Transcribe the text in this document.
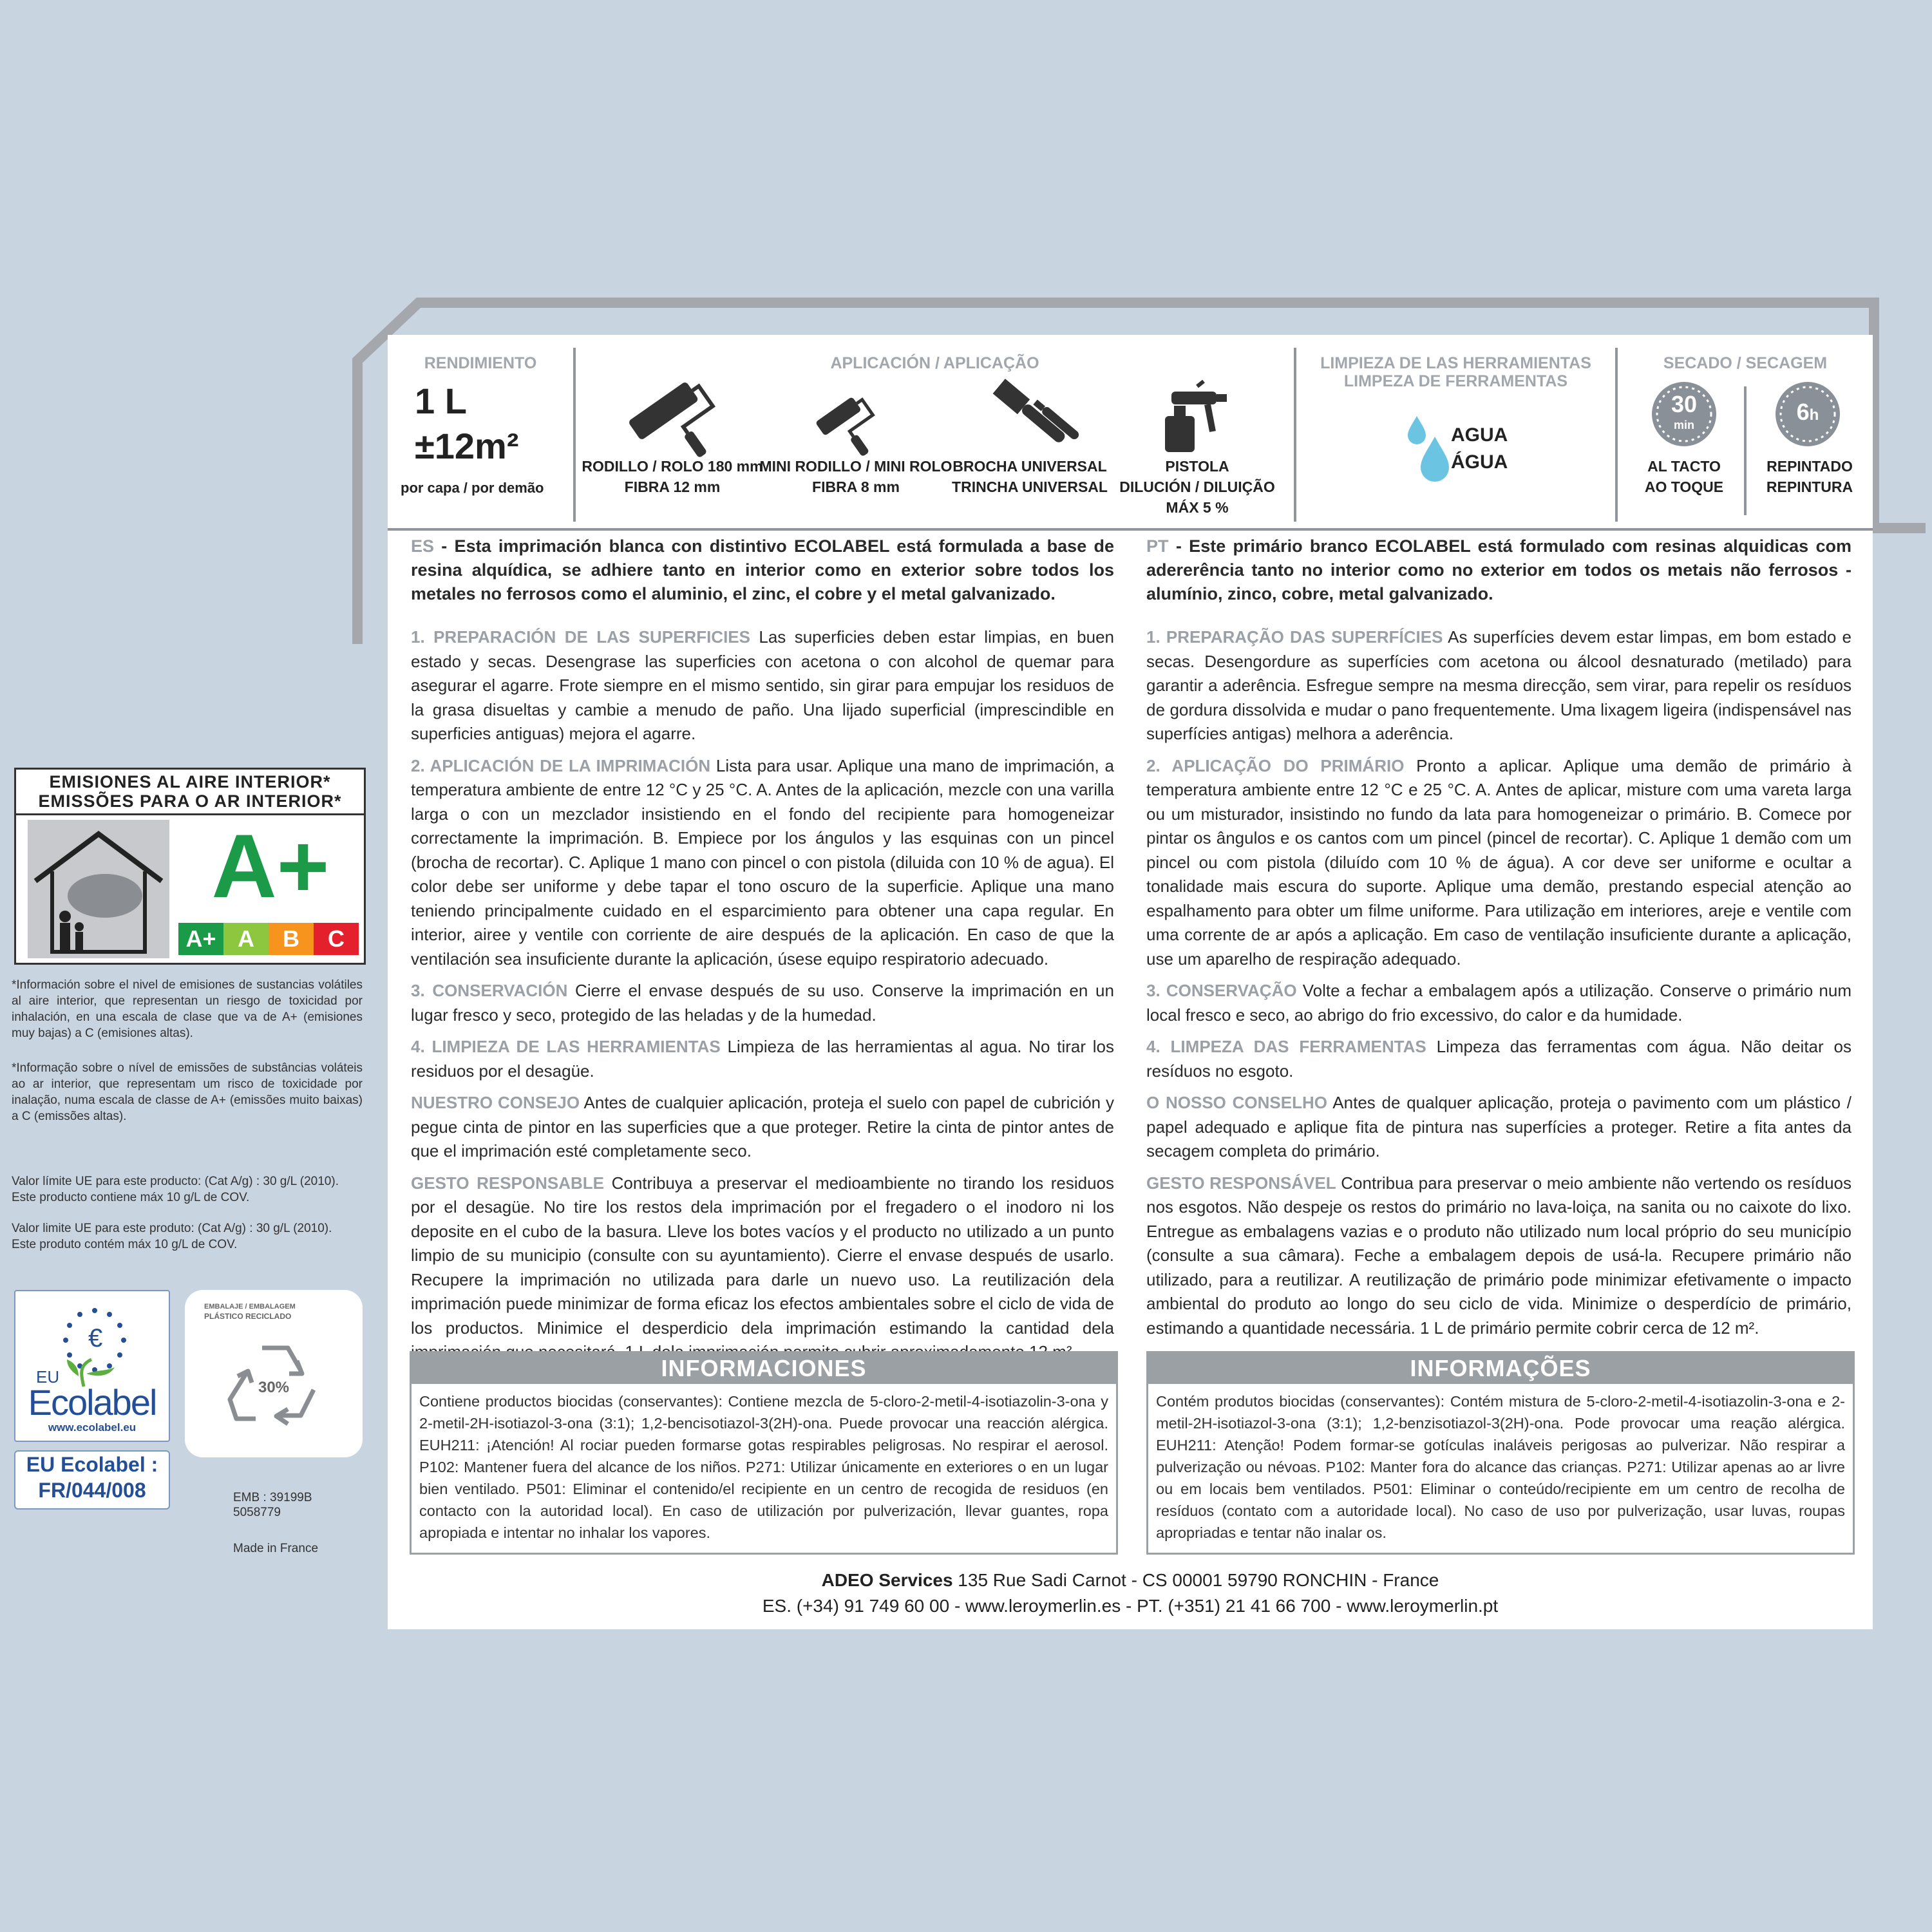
RENDIMIENTO
1 L
±12m²
por capa / por demão
APLICACIÓN / APLICAÇÃO
RODILLO / ROLO 180 mm
FIBRA 12 mm
MINI RODILLO / MINI ROLO
FIBRA 8 mm
BROCHA UNIVERSAL
TRINCHA UNIVERSAL
PISTOLA
DILUCIÓN / DILUIÇÃO
MÁX 5 %
LIMPIEZA DE LAS HERRAMIENTAS
LIMPEZA DE FERRAMENTAS
AGUA
ÁGUA
SECADO / SECAGEM
30
min
AL TACTO
AO TOQUE
6h
REPINTADO
REPINTURA

ES - Esta imprimación blanca con distintivo ECOLABEL está formulada a base de resina alquídica, se adhiere tanto en interior como en exterior sobre todos los metales no ferrosos como el aluminio, el zinc, el cobre y el metal galvanizado.

1. PREPARACIÓN DE LAS SUPERFICIES Las superficies deben estar limpias, en buen estado y secas. Desengrase las superficies con acetona o con alcohol de quemar para asegurar el agarre. Frote siempre en el mismo sentido, sin girar para empujar los residuos de la grasa disueltas y cambie a menudo de paño. Una lijado superficial (imprescindible en superficies antiguas) mejora el agarre.

2. APLICACIÓN DE LA IMPRIMACIÓN Lista para usar. Aplique una mano de imprimación, a temperatura ambiente de entre 12 °C y 25 °C. A. Antes de la aplicación, mezcle con una varilla larga o con un mezclador insistiendo en el fondo del recipiente para homogeneizar correctamente la imprimación. B. Empiece por los ángulos y las esquinas con un pincel (brocha de recortar). C. Aplique 1 mano con pincel o con pistola (diluida con 10 % de agua). El color debe ser uniforme y debe tapar el tono oscuro de la superficie. Aplique una mano teniendo principalmente cuidado en el esparcimiento para obtener una capa regular. En interior, airee y ventile con corriente de aire después de la aplicación. En caso de que la ventilación sea insuficiente durante la aplicación, úsese equipo respiratorio adecuado.

3. CONSERVACIÓN Cierre el envase después de su uso. Conserve la imprimación en un lugar fresco y seco, protegido de las heladas y de la humedad.

4. LIMPIEZA DE LAS HERRAMIENTAS Limpieza de las herramientas al agua. No tirar los residuos por el desagüe.

NUESTRO CONSEJO Antes de cualquier aplicación, proteja el suelo con papel de cubrición y pegue cinta de pintor en las superficies que a que proteger. Retire la cinta de pintor antes de que el imprimación esté completamente seco.

GESTO RESPONSABLE Contribuya a preservar el medioambiente no tirando los residuos por el desagüe. No tire los restos dela imprimación por el fregadero o el inodoro ni los deposite en el cubo de la basura. Lleve los botes vacíos y el producto no utilizado a un punto limpio de su municipio (consulte con su ayuntamiento). Cierre el envase después de usarlo. Recupere la imprimación no utilizada para darle un nuevo uso. La reutilización dela imprimación puede minimizar de forma eficaz los efectos ambientales sobre el ciclo de vida de los productos. Minimice el desperdicio dela imprimación estimando la cantidad dela

PT - Este primário branco ECOLABEL está formulado com resinas alquidicas com adererência tanto no interior como no exterior em todos os metais não ferrosos - alumínio, zinco, cobre, metal galvanizado.

1. PREPARAÇÃO DAS SUPERFÍCIES As superfícies devem estar limpas, em bom estado e secas. Desengordure as superfícies com acetona ou álcool desnaturado (metilado) para garantir a aderência. Esfregue sempre na mesma direcção, sem virar, para repelir os resíduos de gordura dissolvida e mudar o pano frequentemente. Uma lixagem ligeira (indispensável nas superfícies antigas) melhora a aderência.

2. APLICAÇÃO DO PRIMÁRIO Pronto a aplicar. Aplique uma demão de primário à temperatura ambiente entre 12 °C e 25 °C. A. Antes de aplicar, misture com uma vareta larga ou um misturador, insistindo no fundo da lata para homogeneizar o primário. B. Comece por pintar os ângulos e os cantos com um pincel (pincel de recortar). C. Aplique 1 demão com um pincel ou com pistola (diluído com 10 % de água). A cor deve ser uniforme e ocultar a tonalidade mais escura do suporte. Aplique uma demão, prestando especial atenção ao espalhamento para obter um filme uniforme. Para utilização em interiores, areje e ventile com uma corrente de ar após a aplicação. Em caso de ventilação insuficiente durante a aplicação, use um aparelho de respiração adequado.

3. CONSERVAÇÃO Volte a fechar a embalagem após a utilização. Conserve o primário num local fresco e seco, ao abrigo do frio excessivo, do calor e da humidade.

4. LIMPEZA DAS FERRAMENTAS Limpeza das ferramentas com água. Não deitar os resíduos no esgoto.

O NOSSO CONSELHO Antes de qualquer aplicação, proteja o pavimento com um plástico / papel adequado e aplique fita de pintura nas superfícies a proteger. Retire a fita antes da secagem completa do primário.

GESTO RESPONSÁVEL Contribua para preservar o meio ambiente não vertendo os resíduos nos esgotos. Não despeje os restos do primário no lava-loiça, na sanita ou no caixote do lixo. Entregue as embalagens vazias e o produto não utilizado num local próprio do seu município (consulte a sua câmara). Feche a embalagem depois de usá-la. Recupere primário não utilizado, para a reutilizar. A reutilização de primário pode minimizar efetivamente o impacto ambiental do produto ao longo do seu ciclo de vida. Minimize o desperdício de primário, estimando a quantidade necessária. 1 L de primário permite cobrir cerca de 12 m².

INFORMACIONES
Contiene productos biocidas (conservantes): Contiene mezcla de 5-cloro-2-metil-4-isotiazolin-3-ona y 2-metil-2H-isotiazol-3-ona (3:1); 1,2-bencisotiazol-3(2H)-ona. Puede provocar una reacción alérgica. EUH211: ¡Atención! Al rociar pueden formarse gotas respirables peligrosas. No respirar el aerosol. P102: Mantener fuera del alcance de los niños. P271: Utilizar únicamente en exteriores o en un lugar bien ventilado. P501: Eliminar el contenido/el recipiente en un centro de recogida de residuos (en contacto con la autoridad local). En caso de utilización por pulverización, llevar guantes, ropa apropiada e intentar no inhalar los vapores.
INFORMAÇÕES
Contém produtos biocidas (conservantes): Contém mistura de 5-cloro-2-metil-4-isotiazolin-3-ona e 2-metil-2H-isotiazol-3-ona (3:1); 1,2-benzisotiazol-3(2H)-ona. Pode provocar uma reação alérgica. EUH211: Atenção! Podem formar-se gotículas inaláveis perigosas ao pulverizar. Não respirar a pulverização ou névoas. P102: Manter fora do alcance das crianças. P271: Utilizar apenas ao ar livre ou em locais bem ventilados. P501: Eliminar o conteúdo/recipiente em um centro de recolha de resíduos (contato com a autoridade local). No caso de uso por pulverização, usar luvas, roupas apropriadas e tentar não inalar os.
ADEO Services 135 Rue Sadi Carnot - CS 00001 59790 RONCHIN - France
ES. (+34) 91 749 60 00 - www.leroymerlin.es - PT. (+351) 21 41 66 700 - www.leroymerlin.pt
EMISIONES AL AIRE INTERIOR*
EMISSÕES PARA O AR INTERIOR*
A+
A+ A	B	C
*Información sobre el nivel de emisiones de sustancias volátiles al aire interior, que representan un riesgo de toxicidad por inhalación, en una escala de clase que va de A+ (emisiones muy bajas) a C (emisiones altas).
*Informação sobre o nível de emissões de substâncias voláteis ao ar interior, que representam um risco de toxicidade por inalação, numa escala de classe de A+ (emissões muito baixas) a C (emissões altas).
Valor límite UE para este producto: (Cat A/g) : 30 g/L (2010).
Este producto contiene máx 10 g/L de COV.
Valor limite UE para este produto: (Cat A/g) : 30 g/L (2010).
Este produto contém máx 10 g/L de COV.
€
EU
Ecolabel
www.ecolabel.eu
EU Ecolabel :
FR/044/008
EMBALAJE / EMBALAGEM
PLÁSTICO RECICLADO
30%
EMB : 39199B
5058779
Made in France
